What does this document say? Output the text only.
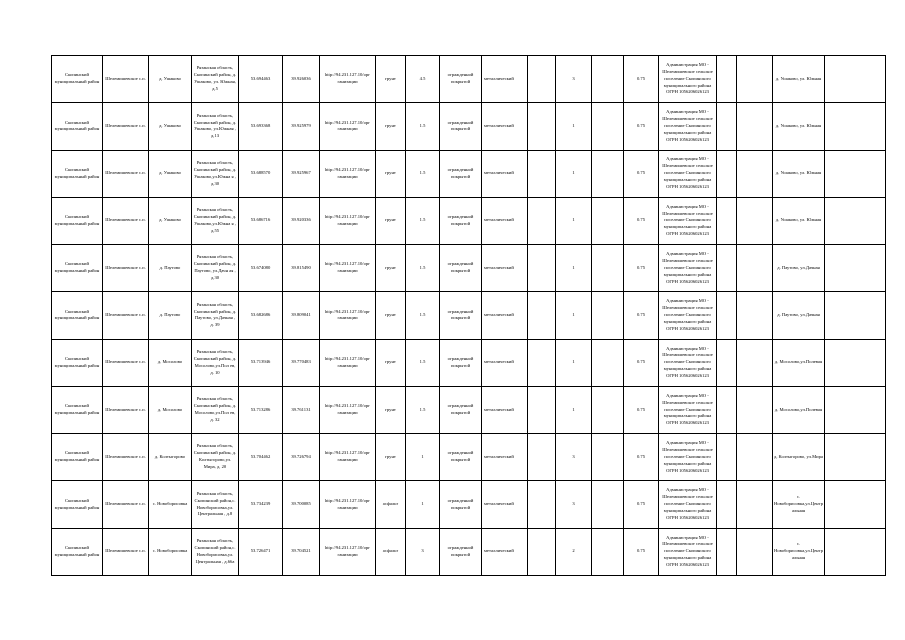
Скопинский муниципальный район	Шелемишевское с.п.	д. Ушаково	Рязанская область, Скопинский район, д. Ушаково, ул. Южная, д.5	53.694463	39.926036	http://94.231.127.10/орг ганизации	грунт	4.5	огражденной покрытой	металлический		3		0.75	Администрация МО - Шелемишевское сельское поселение Скопинского муниципального района ОГРН 1056206026123			д. Ушаково, ул. Южная	
Скопинский муниципальный район	Шелемишевское с.п.	д. Ушаково	Рязанская область, Скопинский район, д. Ушаково, ул.Южная , д.13	53.693368	39.925979	http://94.231.127.10/орг ганизации	грунт	1.5	огражденной покрытой	металлический		1		0.75	Администрация МО - Шелемишевское сельское поселение Скопинского муниципального района ОГРН 1056206026123			д. Ушаково, ул. Южная	
Скопинский муниципальный район	Шелемишевское с.п.	д. Ушаково	Рязанская область, Скопинский район, д. Ушаково,ул.Южна я , д.30	53.688570	39.925967	http://94.231.127.10/орг ганизации	грунт	1.5	огражденной покрытой	металлический		1		0.75	Администрация МО - Шелемишевское сельское поселение Скопинского муниципального района ОГРН 1056206026123			д. Ушаково, ул. Южная	
Скопинский муниципальный район	Шелемишевское с.п.	д. Ушаково	Рязанская область, Скопинский район, д. Ушаково,ул.Южна я , д.55	53.686716	39.920336	http://94.231.127.10/орг ганизации	грунт	1.5	огражденной покрытой	металлический		1		0.75	Администрация МО - Шелемишевское сельское поселение Скопинского муниципального района ОГРН 1056206026123			д. Ушаково, ул. Южная	
Скопинский муниципальный район	Шелемишевское с.п.	д. Паутово	Рязанская область, Скопинский район, д. Паутово, ул.Дачн ая , д.30	53.674080	39.815490	http://94.231.127.10/орг ганизации	грунт	1.5	огражденной покрытой	металлический		1		0.75	Администрация МО - Шелемишевское сельское поселение Скопинского муниципального района ОГРН 1056206026123			д. Паутово, ул.Дачная	
Скопинский муниципальный район	Шелемишевское с.п.	д. Паутово	Рязанская область, Скопинский район, д. Паутово, ул.Дачная , д. 39	53.682686	39.809041	http://94.231.127.10/орг ганизации	грунт	1.5	огражденной покрытой	металлический		1		0.75	Администрация МО - Шелемишевское сельское поселение Скопинского муниципального района ОГРН 1056206026123			д. Паутово, ул.Дачная	
Скопинский муниципальный район	Шелемишевское с.п.	д. Мосолово	Рязанская область, Скопинский район, д. Мосолово,ул.Пол ев, д. 10	53.713946	39.770483	http://94.231.127.10/орг ганизации	грунт	1.5	огражденной покрытой	металлический		1		0.75	Администрация МО - Шелемишевское сельское поселение Скопинского муниципального района ОГРН 1056206026123			д. Мосолово,ул.Полевая	
Скопинский муниципальный район	Шелемишевское с.п.	д. Мосолово	Рязанская область, Скопинский район, д. Мосолово,ул.Пол ев, д. 32	53.713286	39.761131	http://94.231.127.10/орг ганизации	грунт	1.5	огражденной покрытой	металлический		1		0.75	Администрация МО - Шелемишевское сельское поселение Скопинского муниципального района ОГРН 1056206026123			д. Мосолово,ул.Полевая	
Скопинский муниципальный район	Шелемишевское с.п.	д. Колтыгорово	Рязанская область, Скопинский район, д. Колтыгорово,ул. Мира, д. 20	53.704462	39.726794	http://94.231.127.10/орг ганизации	грунт	1	огражденной покрытой	металлический		3		0.75	Администрация МО - Шелемишевское сельское поселение Скопинского муниципального района ОГРН 1056206026123			д. Колтыгорово, ул.Мира	
Скопинский муниципальный район	Шелемишевское с.п.	с. Новоборисовка	Рязанская область, Скопинский район,с. Новоборисовка,ул. Центральная , д.8	53.734239	39.700085	http://94.231.127.10/орг ганизации	асфальт	1	огражденной покрытой	металлический		3		0.75	Администрация МО - Шелемишевское сельское поселение Скопинского муниципального района ОГРН 1056206026123			с. Новоборисовка,ул.Центральная	
Скопинский муниципальный район	Шелемишевское с.п.	с. Новоборисовка	Рязанская область, Скопинский район,с. Новоборисовка,ул. Центральная , д.66а	53.726471	39.704521	http://94.231.127.10/орг ганизации	асфальт	3	огражденной покрытой	металлический		2		0.75	Администрация МО - Шелемишевское сельское поселение Скопинского муниципального района ОГРН 1056206026123			с. Новоборисовка,ул.Центральная	
